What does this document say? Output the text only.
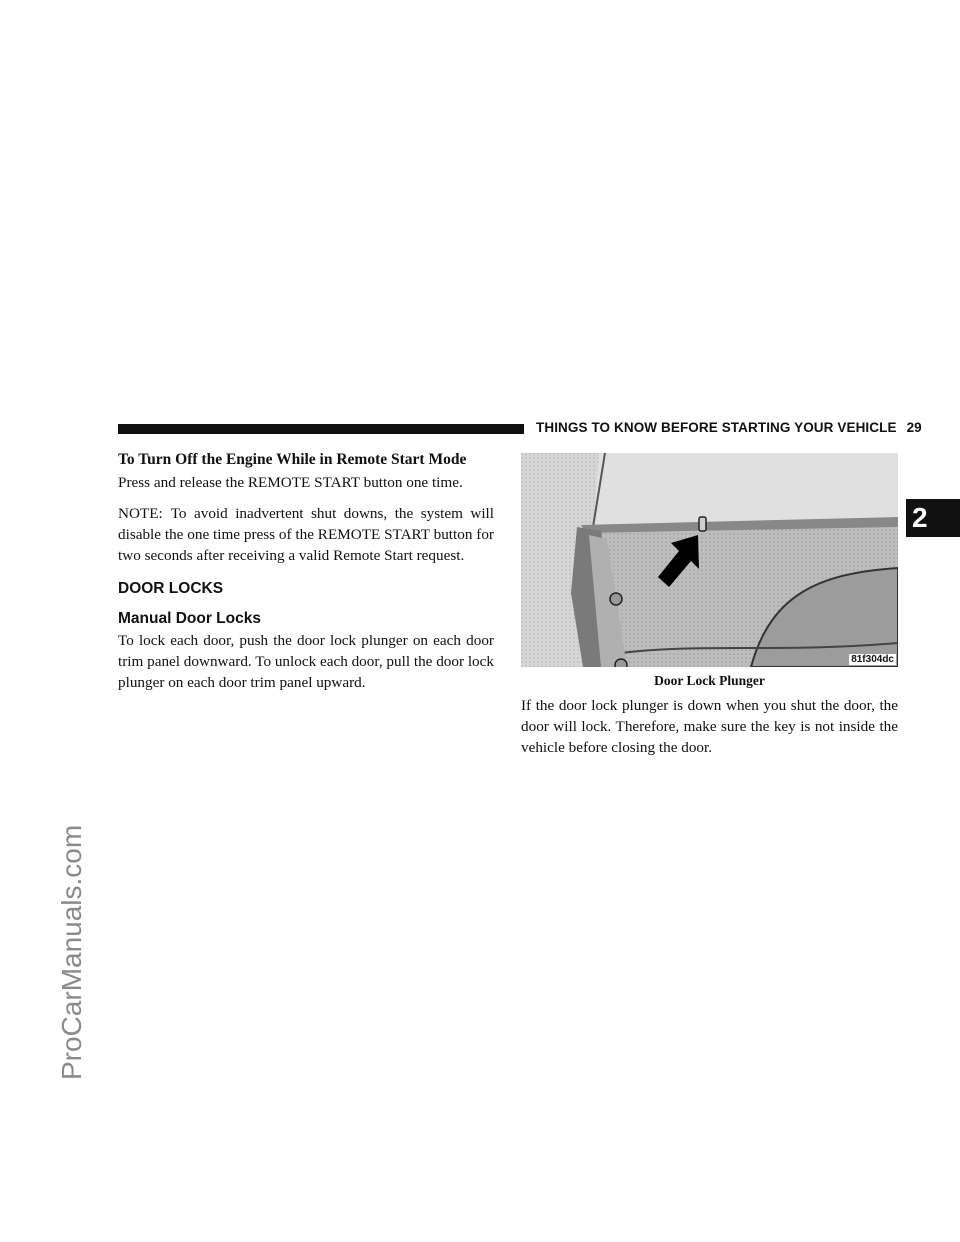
THINGS TO KNOW BEFORE STARTING YOUR VEHICLE 29
2
ProCarManuals.com

To Turn Off the Engine While in Remote Start Mode

Press and release the REMOTE START button one time.

NOTE: To avoid inadvertent shut downs, the system will disable the one time press of the REMOTE START button for two seconds after receiving a valid Remote Start request.

DOOR LOCKS

Manual Door Locks

To lock each door, push the door lock plunger on each door trim panel downward. To unlock each door, pull the door lock plunger on each door trim panel upward.

81f304dc
Door Lock Plunger

If the door lock plunger is down when you shut the door, the door will lock. Therefore, make sure the key is not inside the vehicle before closing the door.
